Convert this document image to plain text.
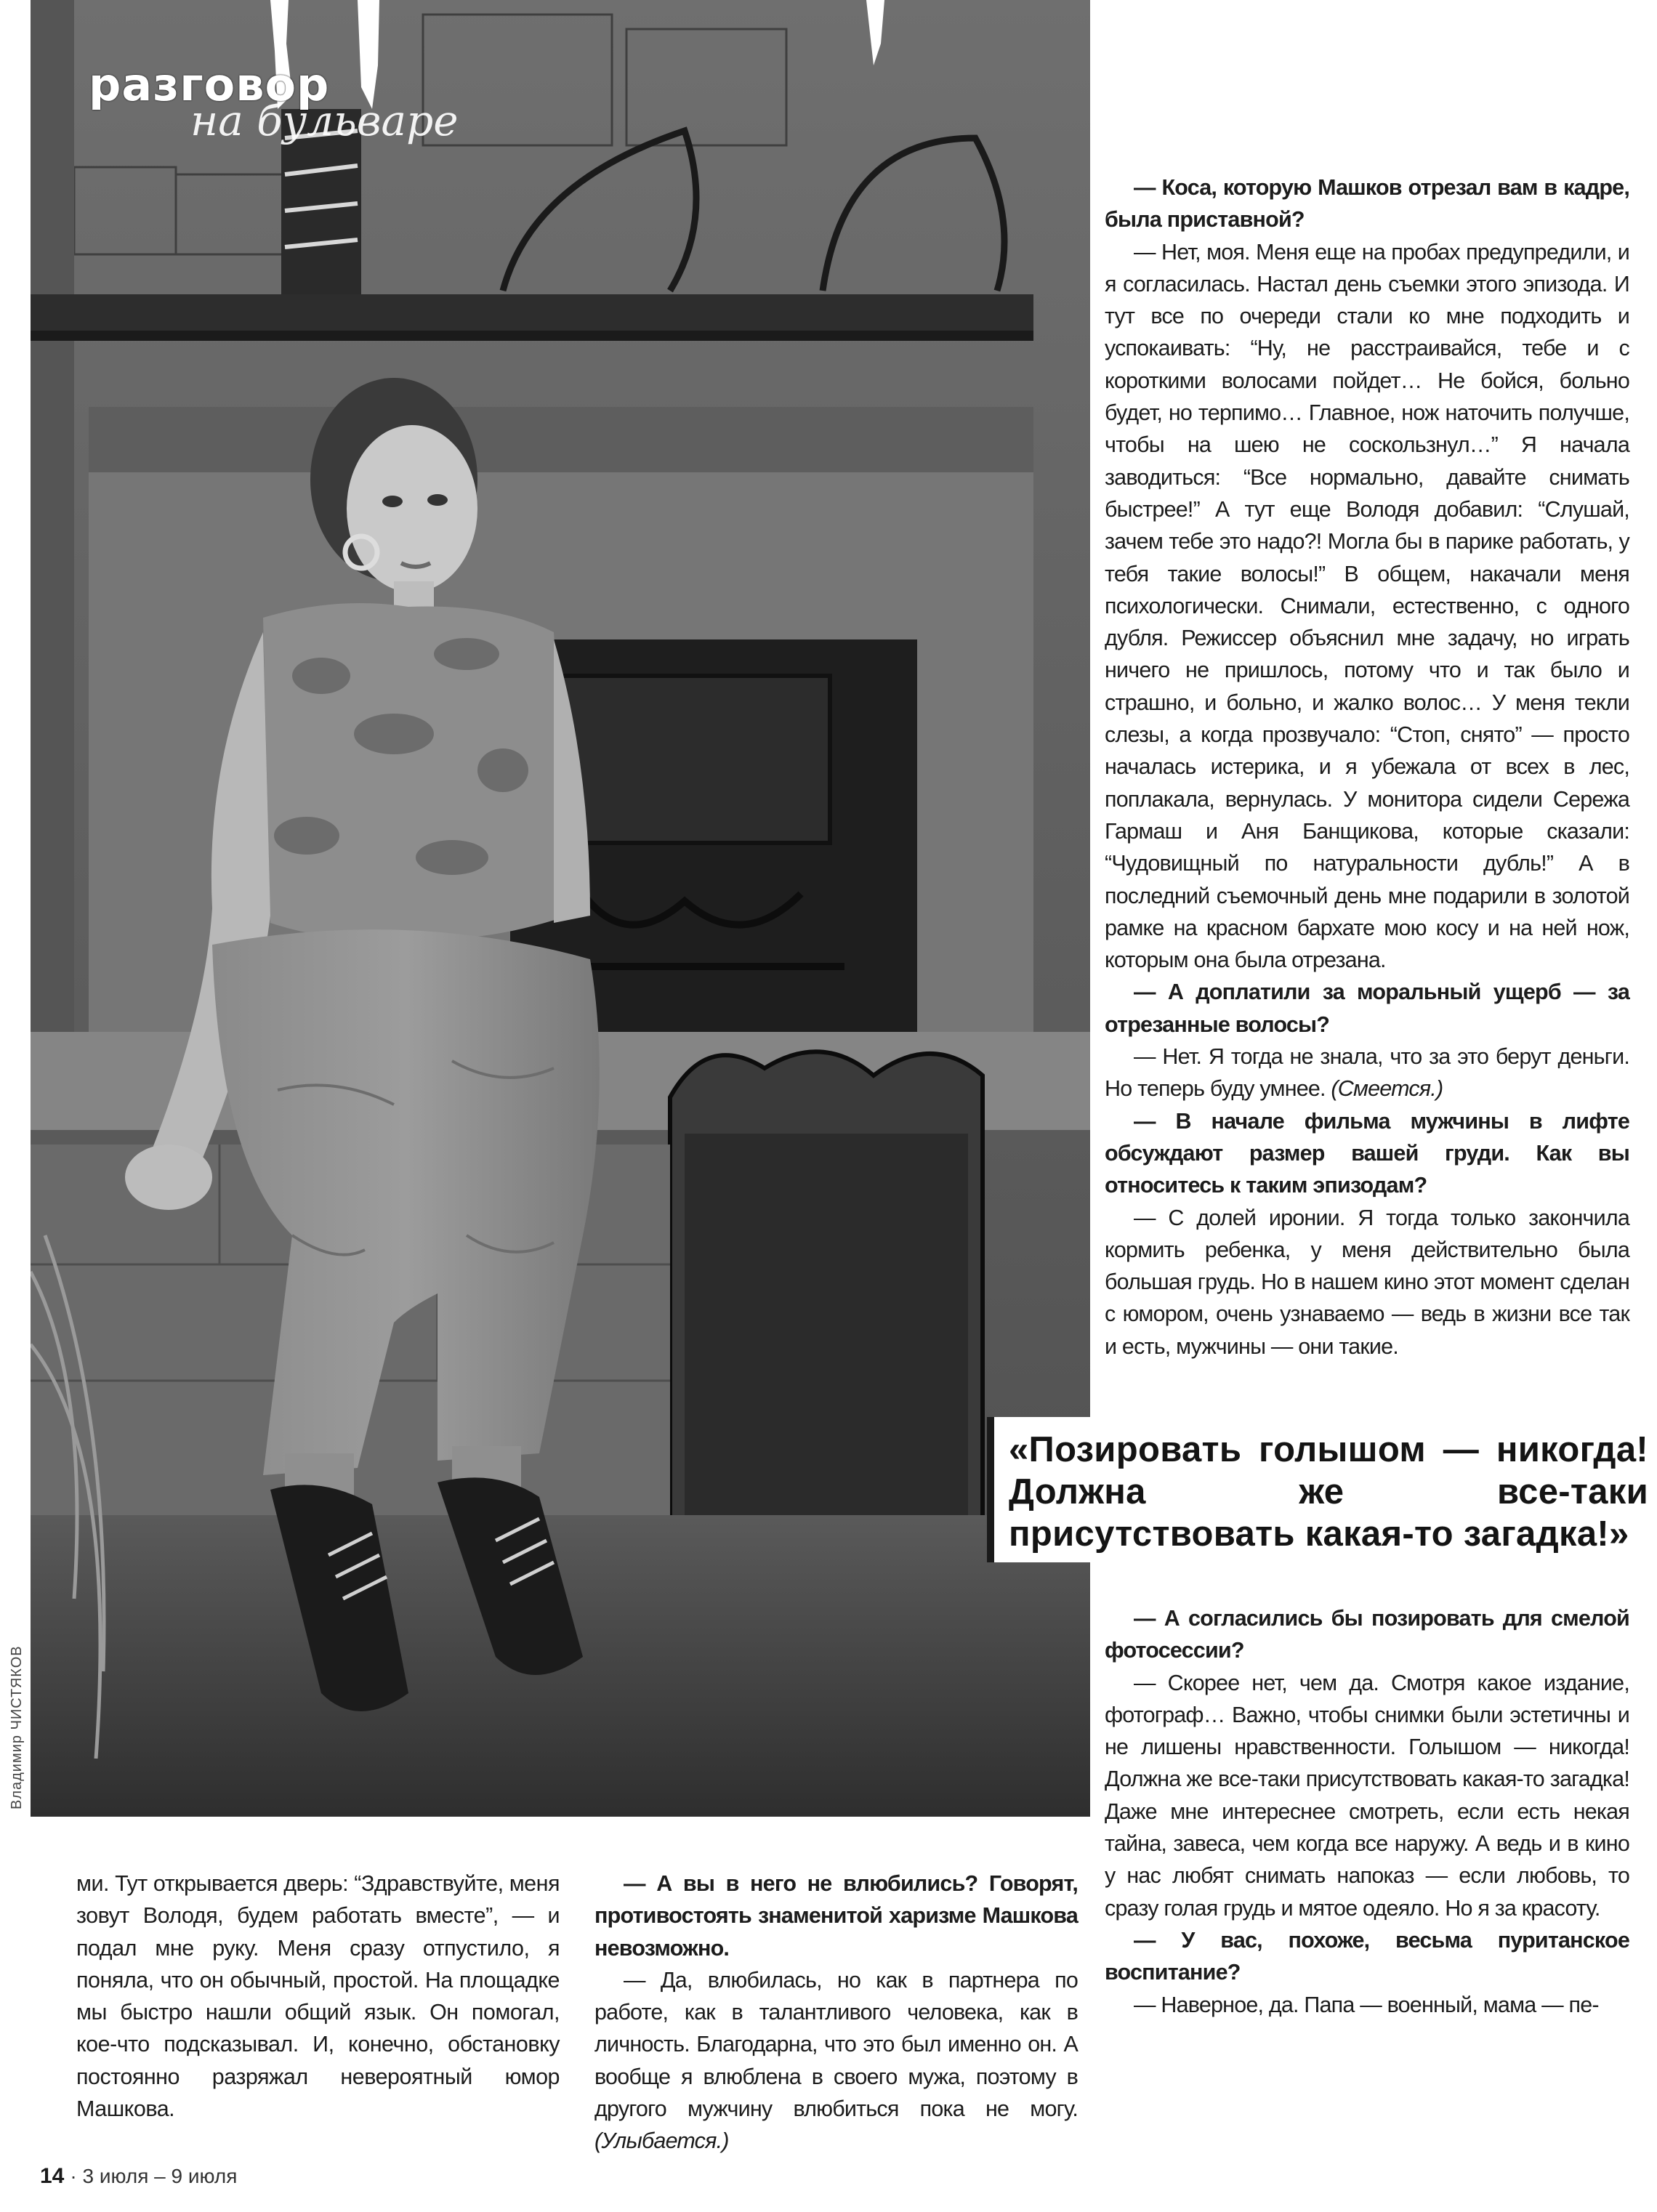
разговор
на бульваре
Владимир ЧИСТЯКОВ

— Коса, которую Машков отрезал вам в кадре, была приставной?

— Нет, моя. Меня еще на пробах предупредили, и я согласилась. Настал день съемки этого эпизода. И тут все по очереди стали ко мне подходить и успокаивать: “Ну, не расстраивайся, тебе и с короткими волосами пойдет… Не бойся, больно будет, но терпимо… Главное, нож наточить получше, чтобы на шею не соскользнул…” Я начала заводиться: “Все нормально, давайте снимать быстрее!” А тут еще Володя добавил: “Слушай, зачем тебе это надо?! Могла бы в парике работать, у тебя такие волосы!” В общем, накачали меня психологически. Снимали, естественно, с одного дубля. Режиссер объяснил мне задачу, но играть ничего не пришлось, потому что и так было и страшно, и больно, и жалко волос… У меня текли слезы, а когда прозвучало: “Стоп, снято” — просто началась истерика, и я убежала от всех в лес, поплакала, вернулась. У монитора сидели Сережа Гармаш и Аня Банщикова, которые сказали: “Чудовищный по натуральности дубль!” А в последний съемочный день мне подарили в золотой рамке на красном бархате мою косу и на ней нож, которым она была отрезана.

— А доплатили за моральный ущерб — за отрезанные волосы?

— Нет. Я тогда не знала, что за это берут деньги. Но теперь буду умнее. (Смеется.)

— В начале фильма мужчины в лифте обсуждают размер вашей груди. Как вы относитесь к таким эпизодам?

— С долей иронии. Я тогда только закончила кормить ребенка, у меня действительно была большая грудь. Но в нашем кино этот момент сделан с юмором, очень узнаваемо — ведь в жизни все так и есть, мужчины — они такие.

«Позировать голышом — никогда! Должна же все-таки присутствовать какая-то загадка!»

— А согласились бы позировать для смелой фотосессии?

— Скорее нет, чем да. Смотря какое издание, фотограф… Важно, чтобы снимки были эстетичны и не лишены нравственности. Голышом — никогда! Должна же все-таки присутствовать какая-то загадка! Даже мне интереснее смотреть, если есть некая тайна, завеса, чем когда все наружу. А ведь и в кино у нас любят снимать напоказ — если любовь, то сразу голая грудь и мятое одеяло. Но я за красоту.

— У вас, похоже, весьма пуританское воспитание?

— Наверное, да. Папа — военный, мама — пе-

ми. Тут открывается дверь: “Здравствуйте, меня зовут Володя, будем работать вместе”, — и подал мне руку. Меня сразу отпустило, я поняла, что он обычный, простой. На площадке мы быстро нашли общий язык. Он помогал, кое-что подсказывал. И, конечно, обстановку постоянно разряжал невероятный юмор Машкова.

— А вы в него не влюбились? Говорят, противостоять знаменитой харизме Машкова невозможно.

— Да, влюбилась, но как в партнера по работе, как в талантливого человека, как в личность. Благодарна, что это был именно он. А вообще я влюблена в своего мужа, поэтому в другого мужчину влюбиться пока не могу. (Улыбается.)

14 · 3 июля – 9 июля
